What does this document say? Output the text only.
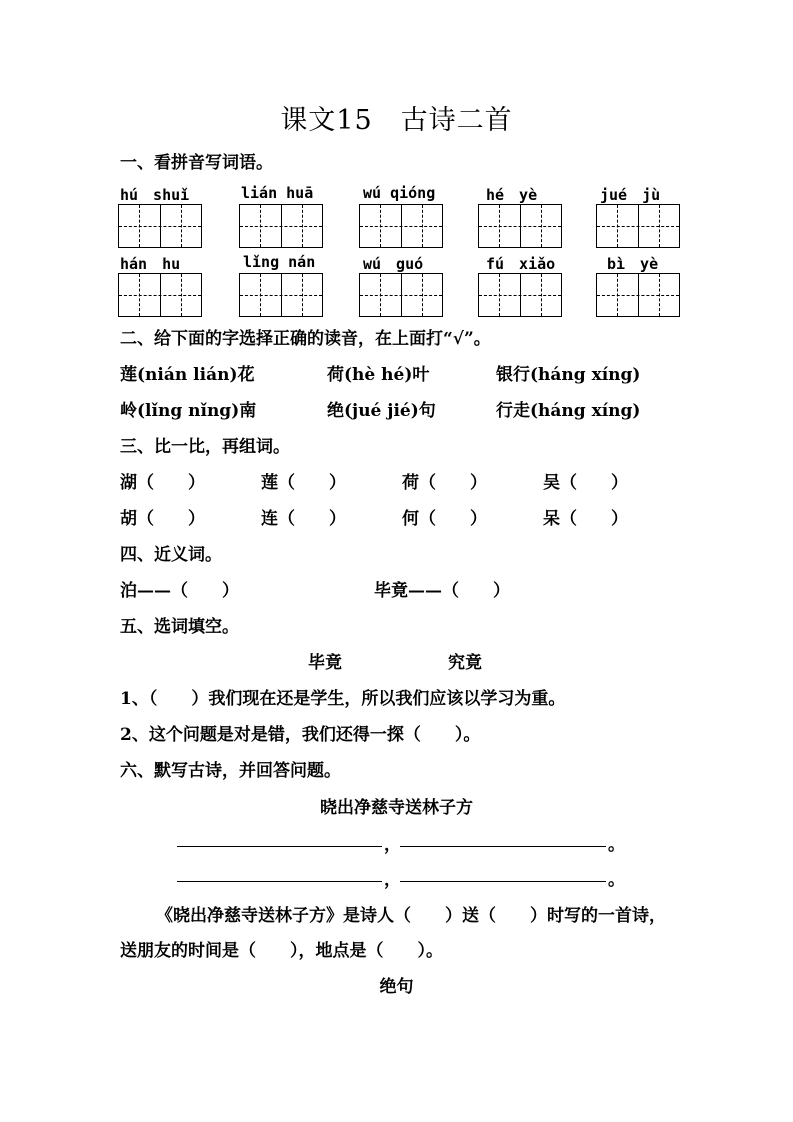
课文15　古诗二首
一、看拼音写词语。
hú　shuǐ	lián huā	wú qióng	hé　yè	jué　jù
hán　hu	lǐng nán	wú　guó	fú　xiǎo	bì　yè
二、给下面的字选择正确的读音，在上面打“√”。
莲(nián lián)花	荷(hè hé)叶	银行(háng xíng)
岭(lǐng nǐng)南	绝(jué jié)句	行走(háng xíng)
三、比一比，再组词。
湖（　　）	莲（　　）	荷（　　）	吴（　　）
胡（　　）	连（　　）	何（　　）	呆（　　）
四、近义词。
泊——（　　）	毕竟——（　　）
五、选词填空。
毕竟	究竟
1、（　　）我们现在还是学生，所以我们应该以学习为重。
2、这个问题是对是错，我们还得一探（　　）。
六、默写古诗，并回答问题。
晓出净慈寺送林子方
，	。
，	。
《晓出净慈寺送林子方》是诗人（　　）送（　　）时写的一首诗，
送朋友的时间是（　　），地点是（　　）。
绝句
